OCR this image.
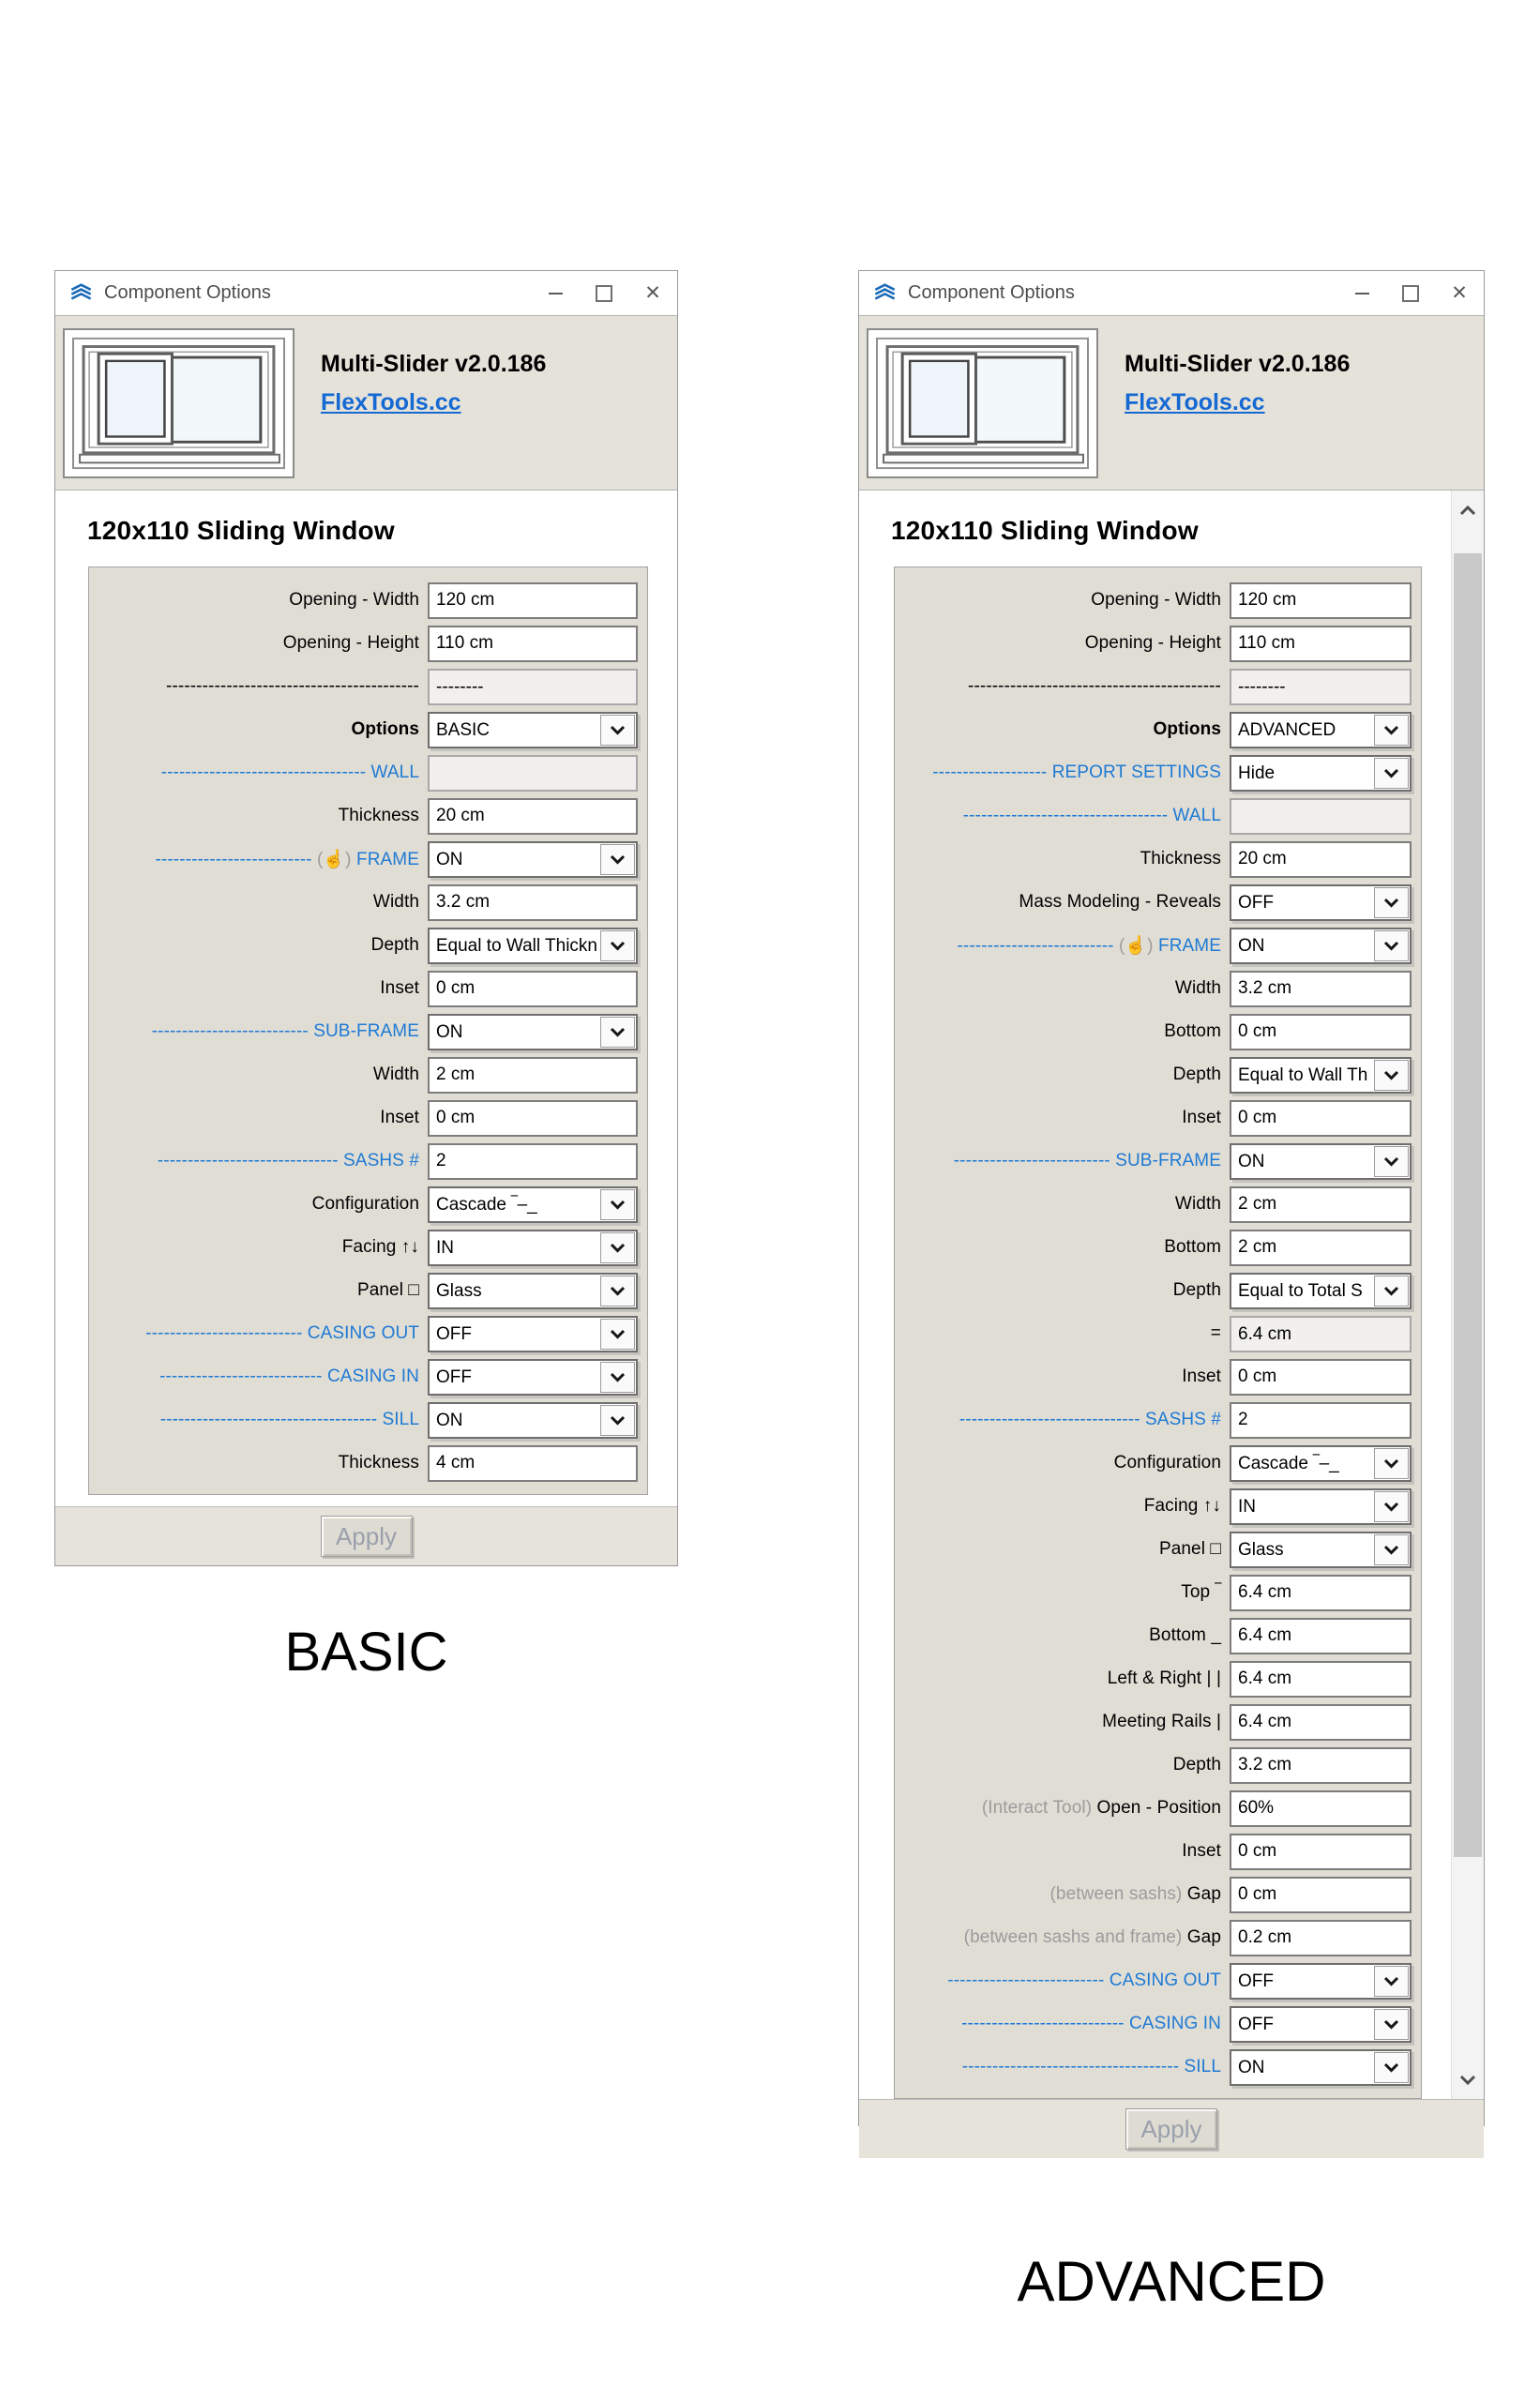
Component Options	✕
Multi-Slider v2.0.186
FlexTools.cc
120x110 Sliding Window
Opening - Width
120 cm
Opening - Height
110 cm
------------------------------------------ --------
Options BASIC
---------------------------------- WALL
Thickness
20 cm
-------------------------- (☝) FRAME ON
Width
3.2 cm
Depth Equal to Wall Thickn
Inset
0 cm
-------------------------- SUB-FRAME ON
Width
2 cm
Inset
0 cm
------------------------------ SASHS #
2
Configuration Cascade ‾–_
Facing ↑↓ IN
Panel □ Glass
-------------------------- CASING OUT OFF
--------------------------- CASING IN OFF
------------------------------------ SILL ON
Thickness
4 cm
Apply
Component Options	✕
Multi-Slider v2.0.186
FlexTools.cc
120x110 Sliding Window
Opening - Width
120 cm
Opening - Height
110 cm
------------------------------------------ --------
Options ADVANCED
------------------- REPORT SETTINGS Hide
---------------------------------- WALL
Thickness
20 cm
Mass Modeling - Reveals OFF
-------------------------- (☝) FRAME ON
Width
3.2 cm
Bottom
0 cm
Depth Equal to Wall Th
Inset
0 cm
-------------------------- SUB-FRAME ON
Width
2 cm
Bottom
2 cm
Depth Equal to Total S
= 6.4 cm
Inset
0 cm
------------------------------ SASHS #
2
Configuration Cascade ‾–_
Facing ↑↓ IN
Panel □ Glass
Top ‾
6.4 cm
Bottom _
6.4 cm
Left & Right | |
6.4 cm
Meeting Rails |
6.4 cm
Depth
3.2 cm
(Interact Tool) Open - Position
60%
Inset
0 cm
(between sashs) Gap
0 cm
(between sashs and frame) Gap
0.2 cm
-------------------------- CASING OUT OFF
--------------------------- CASING IN OFF
------------------------------------ SILL ON
Apply
BASIC
ADVANCED
